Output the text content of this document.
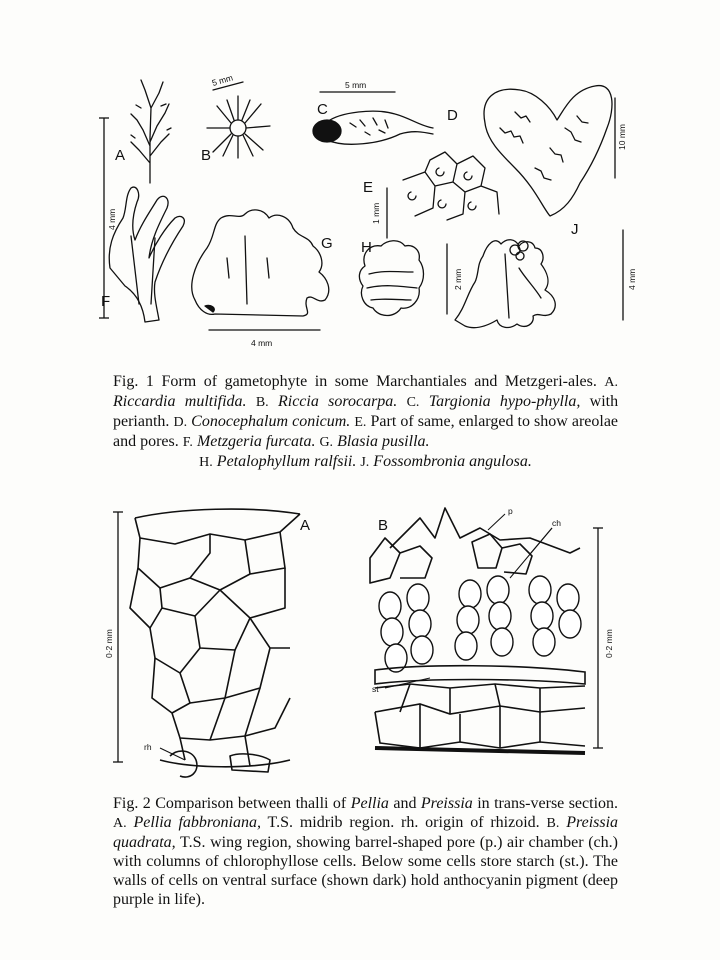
A	B
C	D
E
F
G H
J
5 mm	5 mm
10 mm
1 mm
4 mm
4 mm
2 mm	4 mm
Fig. 1 Form of gametophyte in some Marchantiales and Metzgeri-ales. A. Riccardia multifida. B. Riccia sorocarpa. C. Targionia hypo-phylla, with perianth. D. Conocephalum conicum. E. Part of same, enlarged to show areolae and pores. F. Metzgeria furcata. G. Blasia pusilla.
H. Petalophyllum ralfsii. J. Fossombronia angulosa.
A	B
p
ch
st
rh
0·2 mm	0·2 mm
Fig. 2 Comparison between thalli of Pellia and Preissia in trans-verse section. A. Pellia fabbroniana, T.S. midrib region. rh. origin of rhizoid. B. Preissia quadrata, T.S. wing region, showing barrel-shaped pore (p.) air chamber (ch.) with columns of chlorophyllose cells. Below some cells store starch (st.). The walls of cells on ventral surface (shown dark) hold anthocyanin pigment (deep purple in life).
